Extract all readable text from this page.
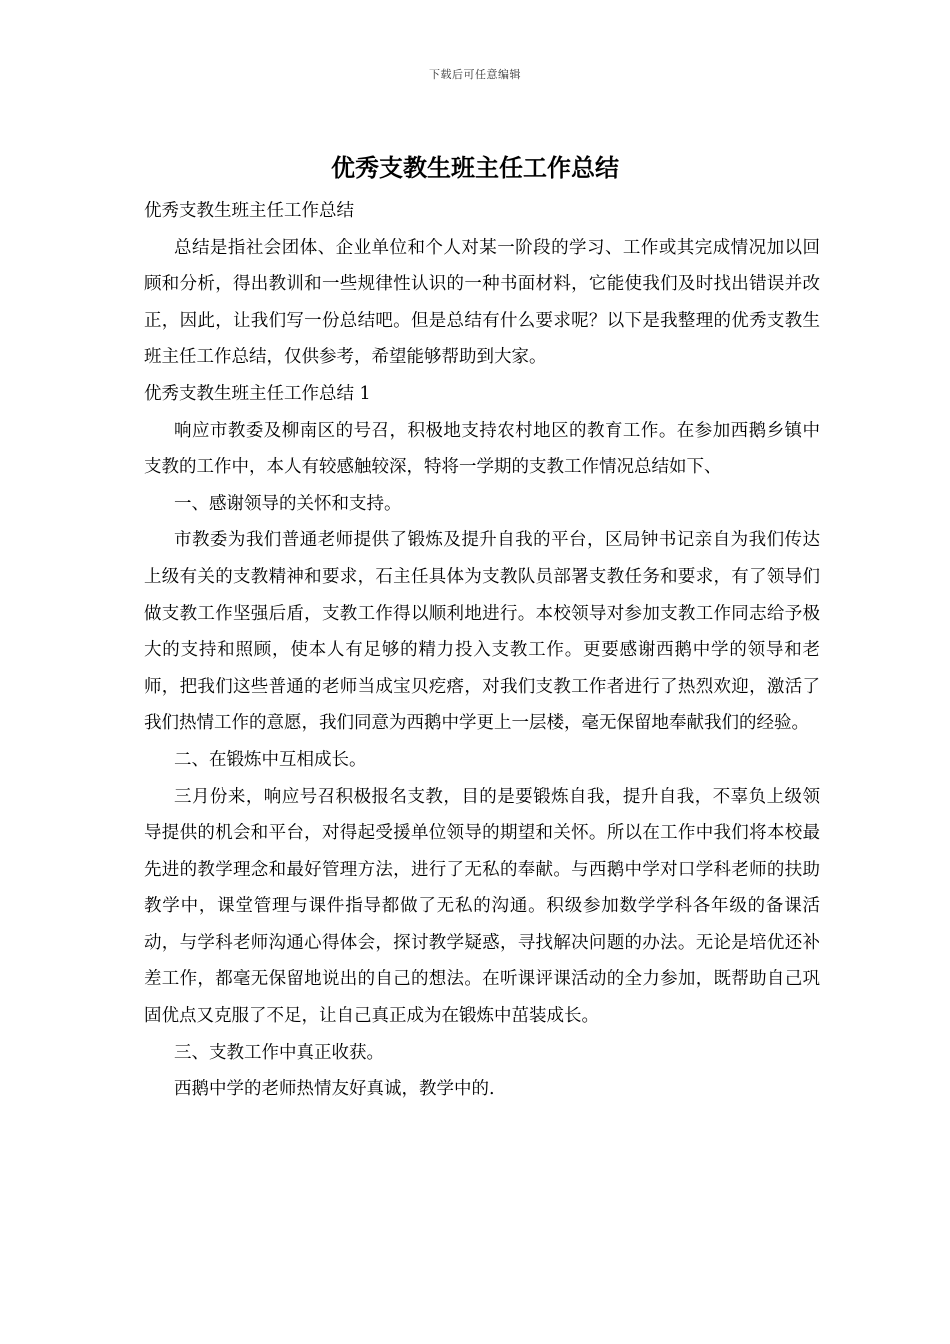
下载后可任意编辑
优秀支教生班主任工作总结

优秀支教生班主任工作总结

总结是指社会团体、企业单位和个人对某一阶段的学习、工作或其完成情况加以回顾和分析，得出教训和一些规律性认识的一种书面材料，它能使我们及时找出错误并改正，因此，让我们写一份总结吧。但是总结有什么要求呢？以下是我整理的优秀支教生班主任工作总结，仅供参考，希望能够帮助到大家。

优秀支教生班主任工作总结 1

响应市教委及柳南区的号召，积极地支持农村地区的教育工作。在参加西鹅乡镇中支教的工作中，本人有较感触较深，特将一学期的支教工作情况总结如下、

一、感谢领导的关怀和支持。

市教委为我们普通老师提供了锻炼及提升自我的平台，区局钟书记亲自为我们传达上级有关的支教精神和要求，石主任具体为支教队员部署支教任务和要求，有了领导们做支教工作坚强后盾，支教工作得以顺利地进行。本校领导对参加支教工作同志给予极大的支持和照顾，使本人有足够的精力投入支教工作。更要感谢西鹅中学的领导和老师，把我们这些普通的老师当成宝贝疙瘩，对我们支教工作者进行了热烈欢迎，激活了我们热情工作的意愿，我们同意为西鹅中学更上一层楼，毫无保留地奉献我们的经验。

二、在锻炼中互相成长。

三月份来，响应号召积极报名支教，目的是要锻炼自我，提升自我，不辜负上级领导提供的机会和平台，对得起受援单位领导的期望和关怀。所以在工作中我们将本校最先进的教学理念和最好管理方法，进行了无私的奉献。与西鹅中学对口学科老师的扶助教学中，课堂管理与课件指导都做了无私的沟通。积级参加数学学科各年级的备课活动，与学科老师沟通心得体会，探讨教学疑惑，寻找解决问题的办法。无论是培优还补差工作，都毫无保留地说出的自己的想法。在听课评课活动的全力参加，既帮助自己巩固优点又克服了不足，让自己真正成为在锻炼中茁装成长。

三、支教工作中真正收获。

西鹅中学的老师热情友好真诚，教学中的.
